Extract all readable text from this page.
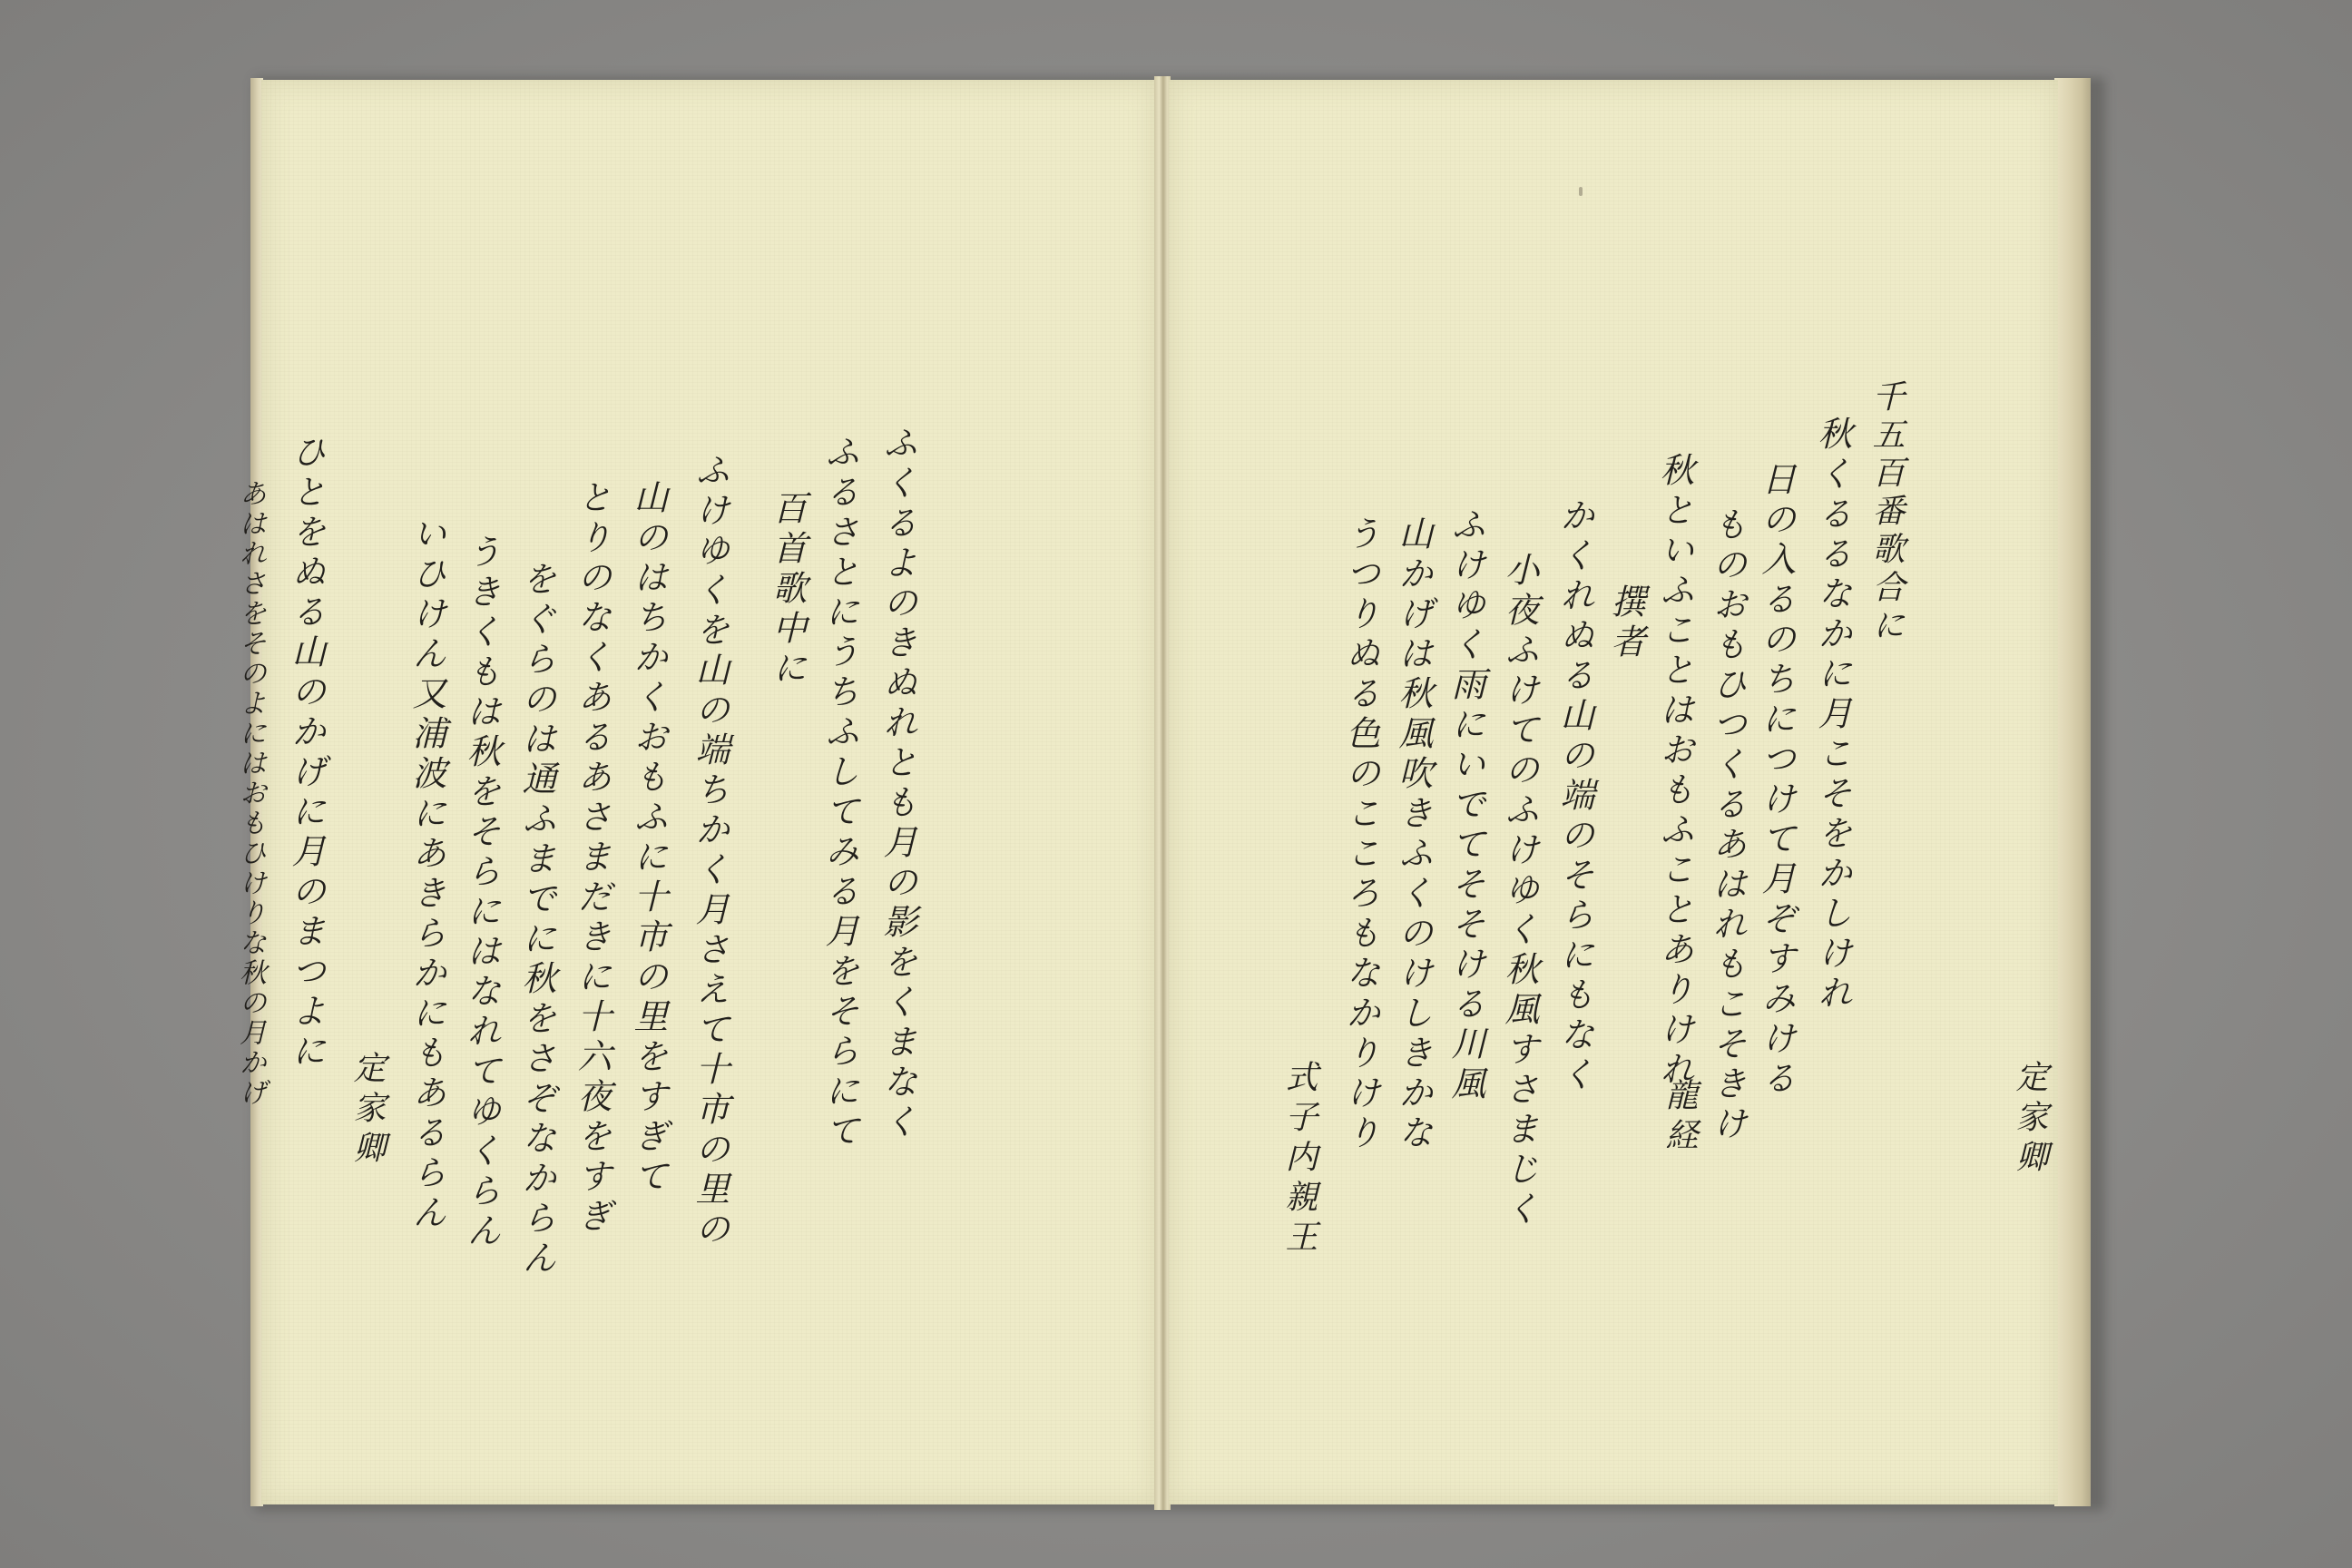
ふくるよのきぬれとも月の影をくまなく
ふるさとにうちふしてみる月をそらにて
百首歌中に
ふけゆくを山の端ちかく月さえて十市の里の
山のはちかくおもふに十市の里をすぎて
とりのなくあるあさまだきに十六夜をすぎ
をぐらのは通ふまでに秋をさぞなからん
うきくもは秋をそらにはなれてゆくらん
いひけん又浦波にあきらかにもあるらん
定家卿
ひとをぬる山のかげに月のまつよに
あはれさをそのよにはおもひけりな秋の月かげ	千五百番歌合に
定家卿
秋くるるなかに月こそをかしけれ
日の入るのちにつけて月ぞすみける
ものおもひつくるあはれもこそきけ
秋といふことはおもふことありけれ
撰者
龍経
かくれぬる山の端のそらにもなく
小夜ふけてのふけゆく秋風すさまじく
ふけゆく雨にいでてそそける川風
山かげは秋風吹きふくのけしきかな
うつりぬる色のこころもなかりけり
式子内親王
